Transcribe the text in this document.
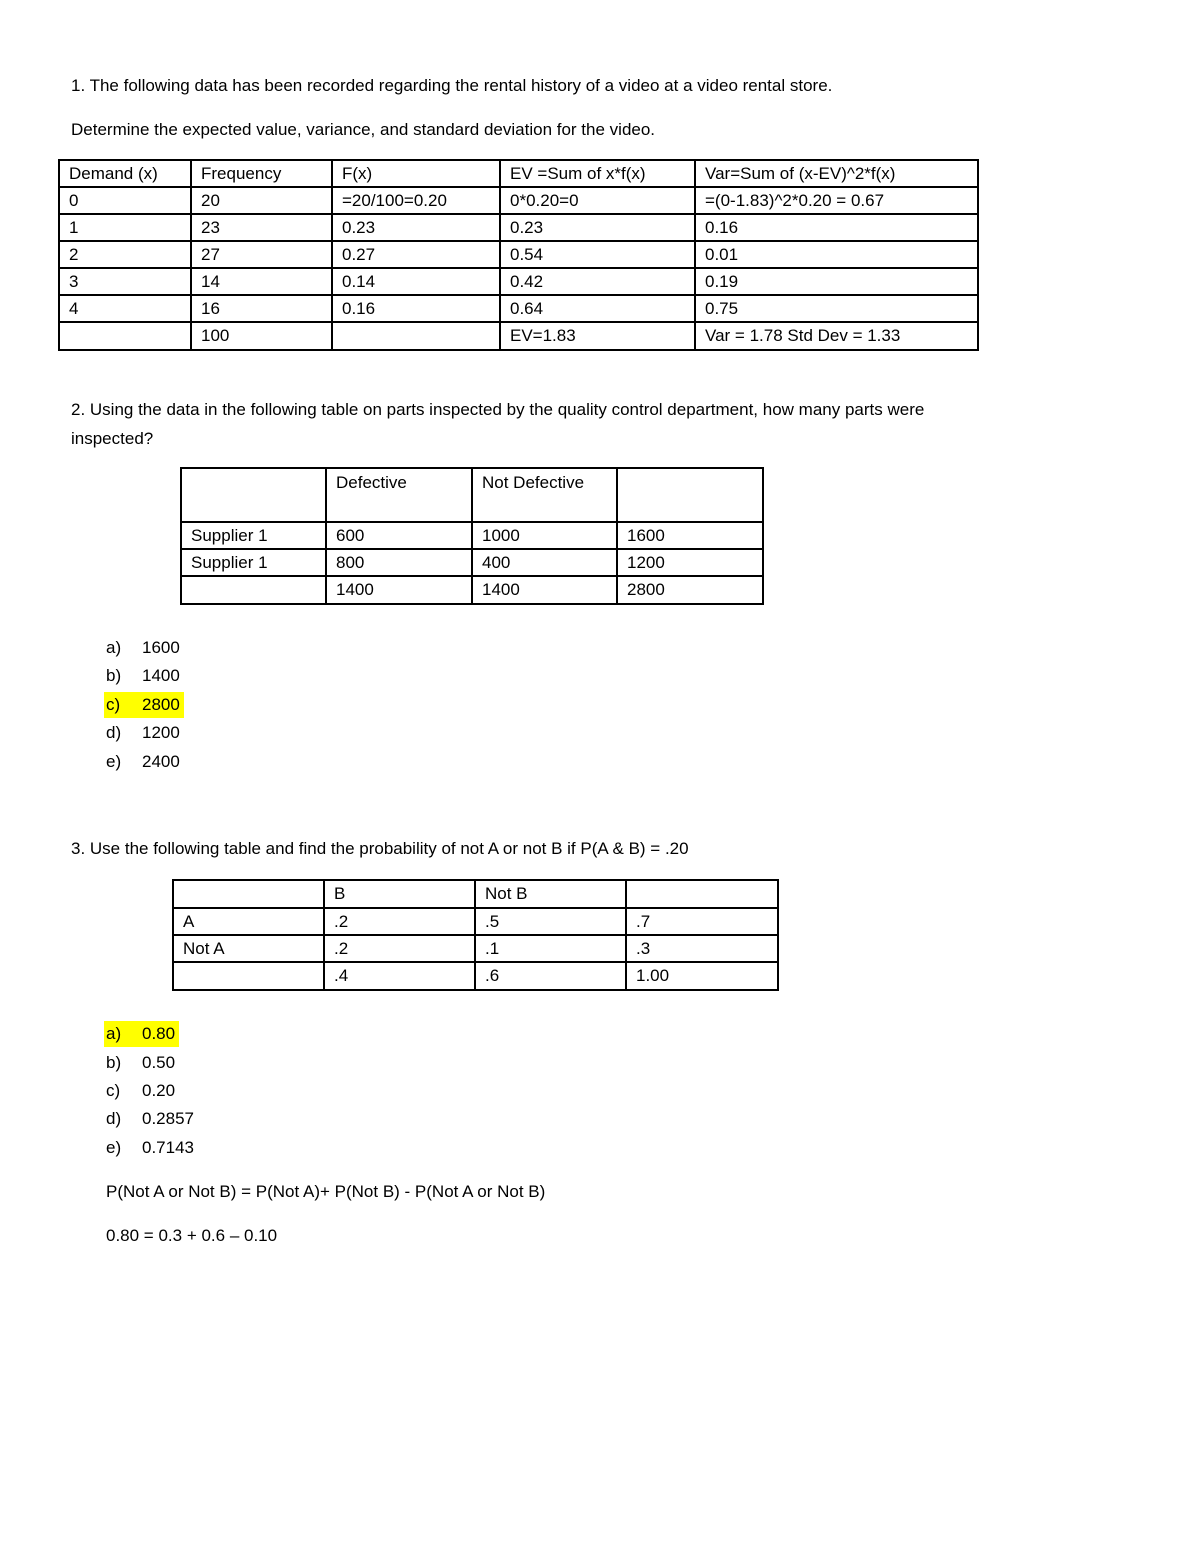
1. The following data has been recorded regarding the rental history of a video at a video rental store.
Determine the expected value, variance, and standard deviation for the video.
Demand (x)	Frequency	F(x)	EV =Sum of x*f(x)	Var=Sum of (x-EV)^2*f(x)
0	20	=20/100=0.20	0*0.20=0	=(0-1.83)^2*0.20 = 0.67
1	23	0.23	0.23	0.16
2	27	0.27	0.54	0.01
3	14	0.14	0.42	0.19
4	16	0.16	0.64	0.75
	100		EV=1.83	Var = 1.78 Std Dev = 1.33
2. Using the data in the following table on parts inspected by the quality control department, how many parts were
inspected?
	Defective	Not Defective	
Supplier 1	600	1000	1600
Supplier 1	800	400	1200
	1400	1400	2800
a) 1600
b) 1400
c) 2800
d) 1200
e) 2400
3. Use the following table and find the probability of not A or not B if P(A & B) = .20
	B	Not B	
A	.2	.5	.7
Not A	.2	.1	.3
	.4	.6	1.00
a) 0.80
b) 0.50
c) 0.20
d) 0.2857
e) 0.7143
P(Not A or Not B) = P(Not A)+ P(Not B) - P(Not A or Not B)
0.80 = 0.3 + 0.6 – 0.10
